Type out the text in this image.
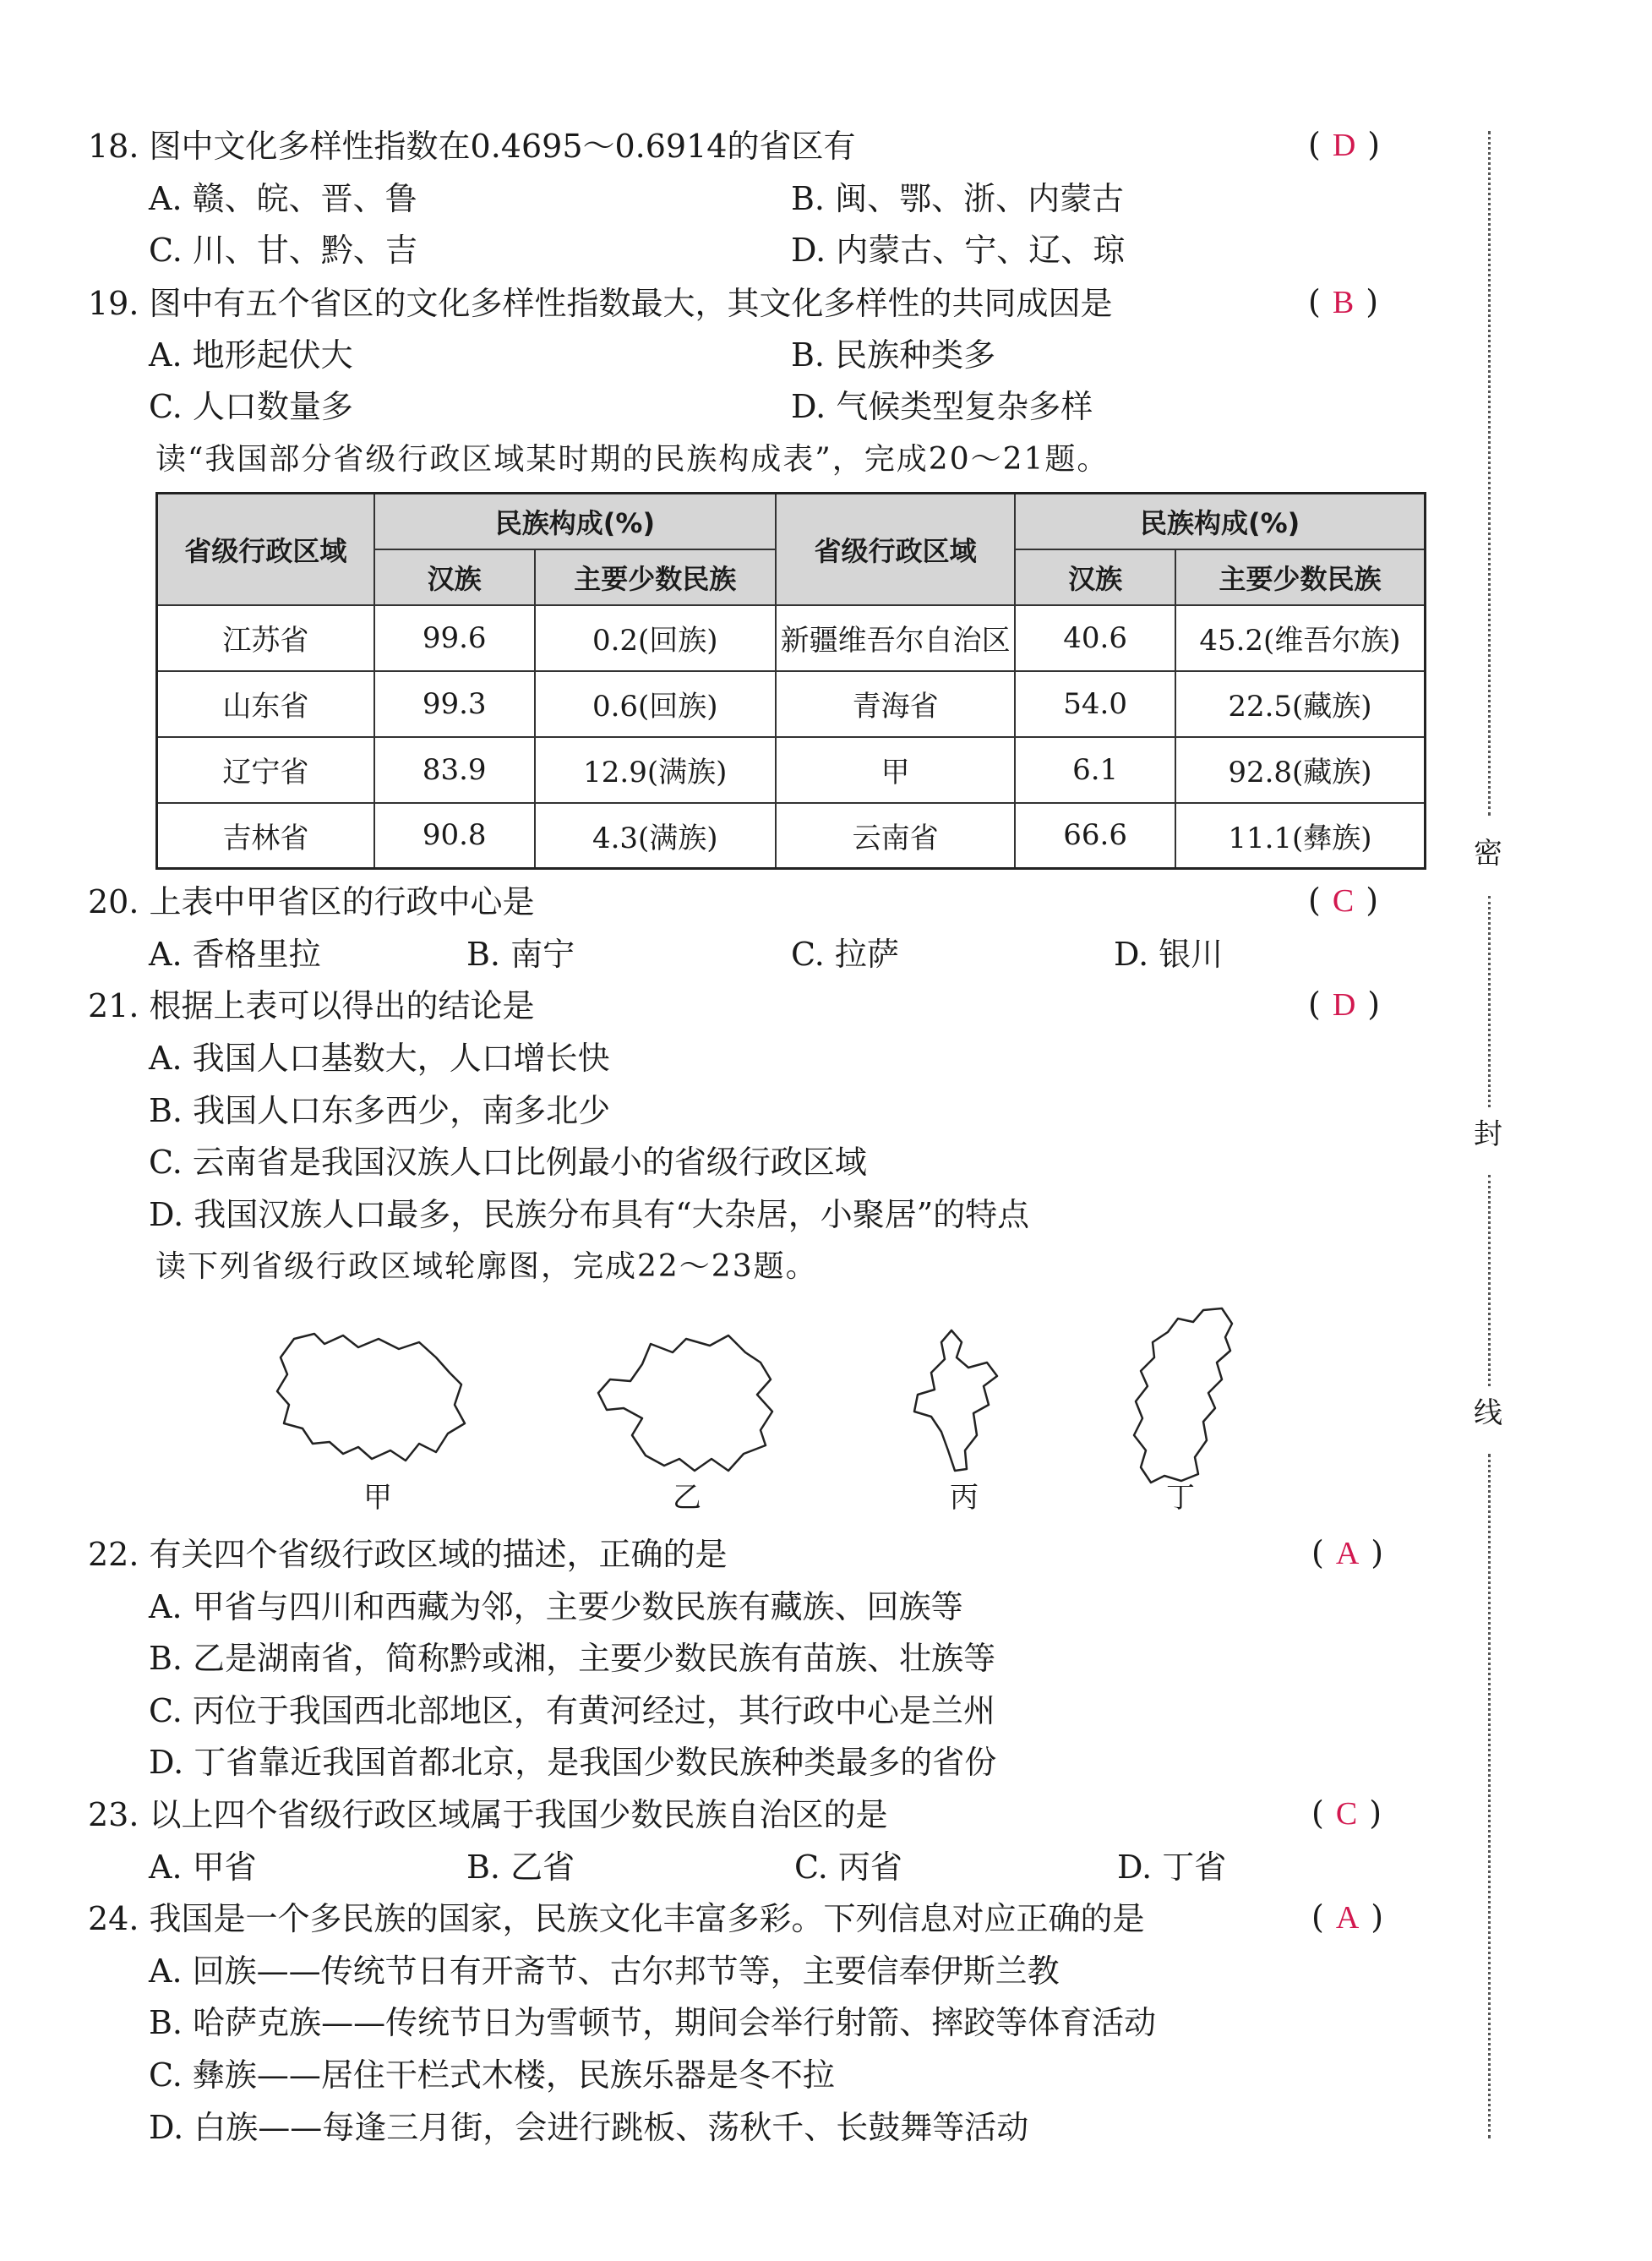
18. 图中文化多样性指数在0.4695～0.6914的省区有	( D )
A. 赣、皖、晋、鲁	B. 闽、鄂、浙、内蒙古
C. 川、甘、黔、吉	D. 内蒙古、宁、辽、琼
19. 图中有五个省区的文化多样性指数最大，其文化多样性的共同成因是	( B )
A. 地形起伏大	B. 民族种类多
C. 人口数量多	D. 气候类型复杂多样
读“我国部分省级行政区域某时期的民族构成表”，完成20～21题。
省级行政区域	民族构成(%)		省级行政区域	民族构成(%)	
	汉族	主要少数民族		汉族	主要少数民族
江苏省	99.6	0.2(回族)	新疆维吾尔自治区	40.6	45.2(维吾尔族)
山东省	99.3	0.6(回族)	青海省	54.0	22.5(藏族)
辽宁省	83.9	12.9(满族)	甲	6.1	92.8(藏族)
吉林省	90.8	4.3(满族)	云南省	66.6	11.1(彝族)
20. 上表中甲省区的行政中心是	( C )
A. 香格里拉	B. 南宁	C. 拉萨	D. 银川
21. 根据上表可以得出的结论是	( D )
A. 我国人口基数大，人口增长快
B. 我国人口东多西少，南多北少
C. 云南省是我国汉族人口比例最小的省级行政区域
D. 我国汉族人口最多，民族分布具有“大杂居，小聚居”的特点
读下列省级行政区域轮廓图，完成22～23题。
甲	乙	丙	丁
22. 有关四个省级行政区域的描述，正确的是	( A )
A. 甲省与四川和西藏为邻，主要少数民族有藏族、回族等
B. 乙是湖南省，简称黔或湘，主要少数民族有苗族、壮族等
C. 丙位于我国西北部地区，有黄河经过，其行政中心是兰州
D. 丁省靠近我国首都北京，是我国少数民族种类最多的省份
23. 以上四个省级行政区域属于我国少数民族自治区的是	( C )
A. 甲省	B. 乙省	C. 丙省	D. 丁省
24. 我国是一个多民族的国家，民族文化丰富多彩。下列信息对应正确的是	( A )
A. 回族——传统节日有开斋节、古尔邦节等，主要信奉伊斯兰教
B. 哈萨克族——传统节日为雪顿节，期间会举行射箭、摔跤等体育活动
C. 彝族——居住干栏式木楼，民族乐器是冬不拉
D. 白族——每逢三月街，会进行跳板、荡秋千、长鼓舞等活动
密
封
线
